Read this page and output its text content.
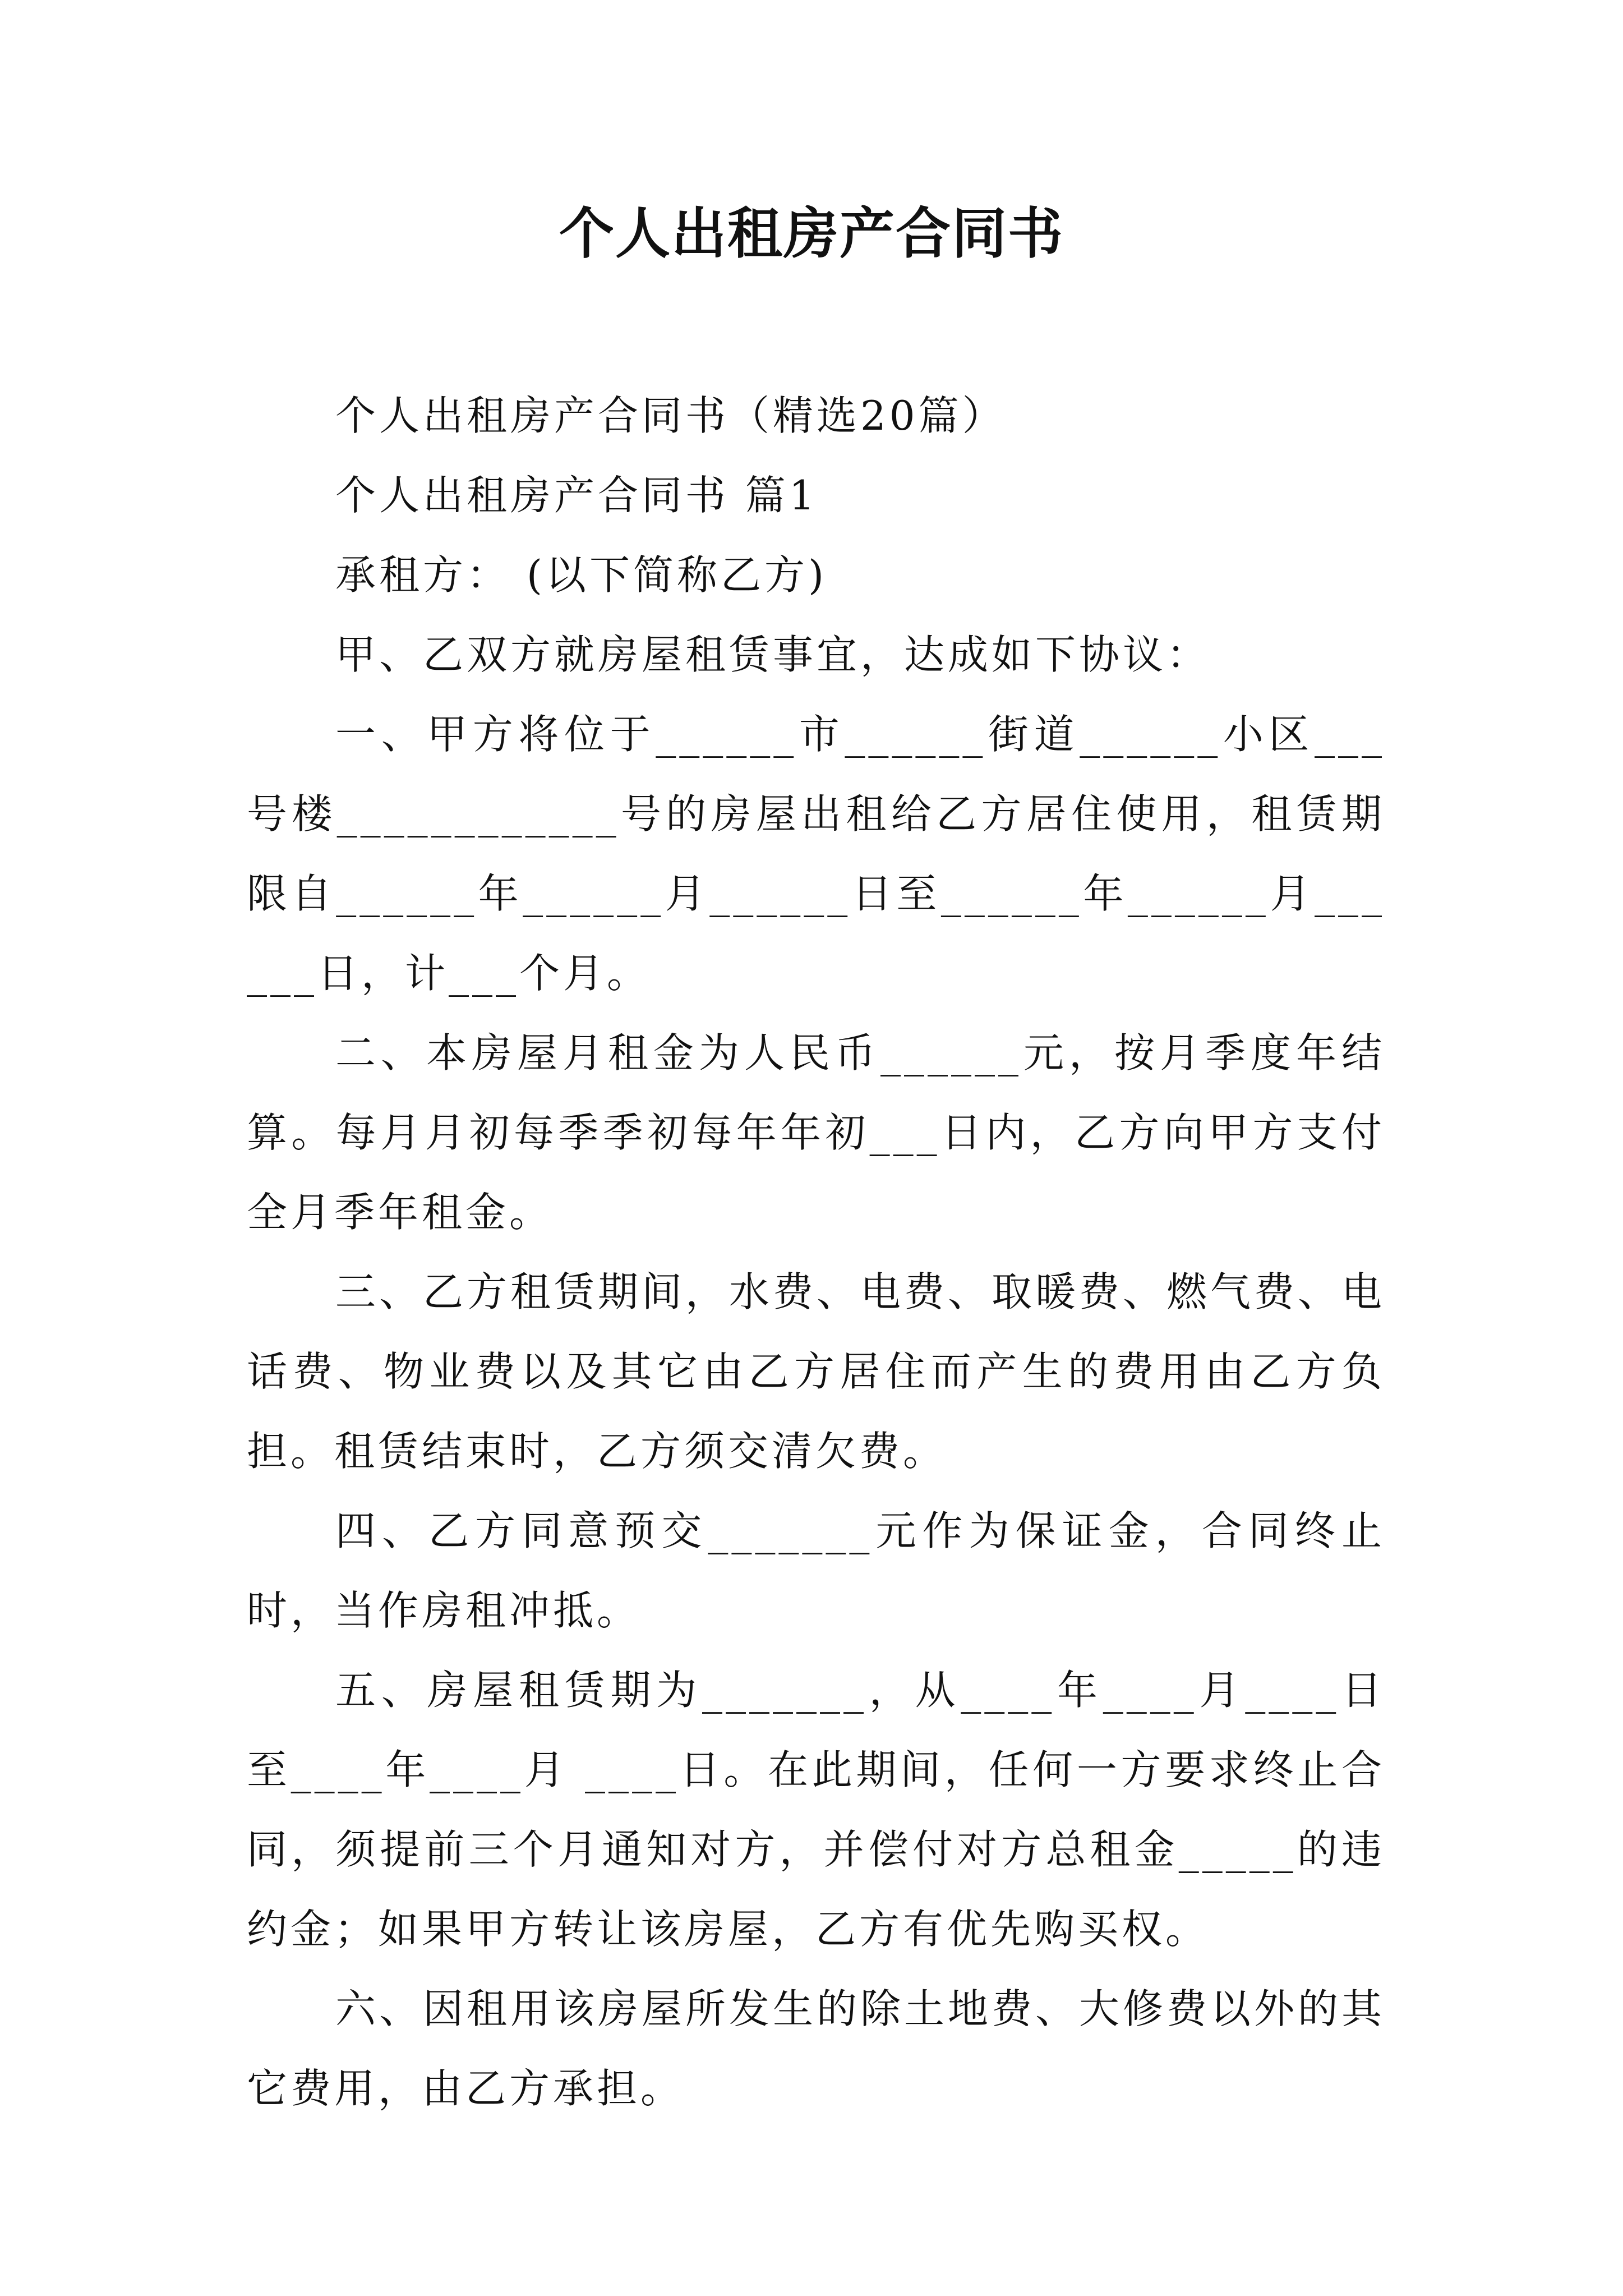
个人出租房产合同书

个人出租房产合同书（精选20篇）

个人出租房产合同书 篇1

承租方： (以下简称乙方)

甲、乙双方就房屋租赁事宜，达成如下协议：

一、甲方将位于______市______街道______小区___号楼____________号的房屋出租给乙方居住使用，租赁期限自______年______月______日至______年______月______日，计___个月。

二、本房屋月租金为人民币______元，按月季度年结算。每月月初每季季初每年年初___日内，乙方向甲方支付全月季年租金。

三、乙方租赁期间，水费、电费、取暖费、燃气费、电话费、物业费以及其它由乙方居住而产生的费用由乙方负担。租赁结束时，乙方须交清欠费。

四、乙方同意预交_______元作为保证金，合同终止时，当作房租冲抵。

五、房屋租赁期为_______，从____年____月____日至____年____月 ____日。在此期间，任何一方要求终止合同，须提前三个月通知对方，并偿付对方总租金_____的违约金；如果甲方转让该房屋，乙方有优先购买权。

六、因租用该房屋所发生的除土地费、大修费以外的其它费用，由乙方承担。
